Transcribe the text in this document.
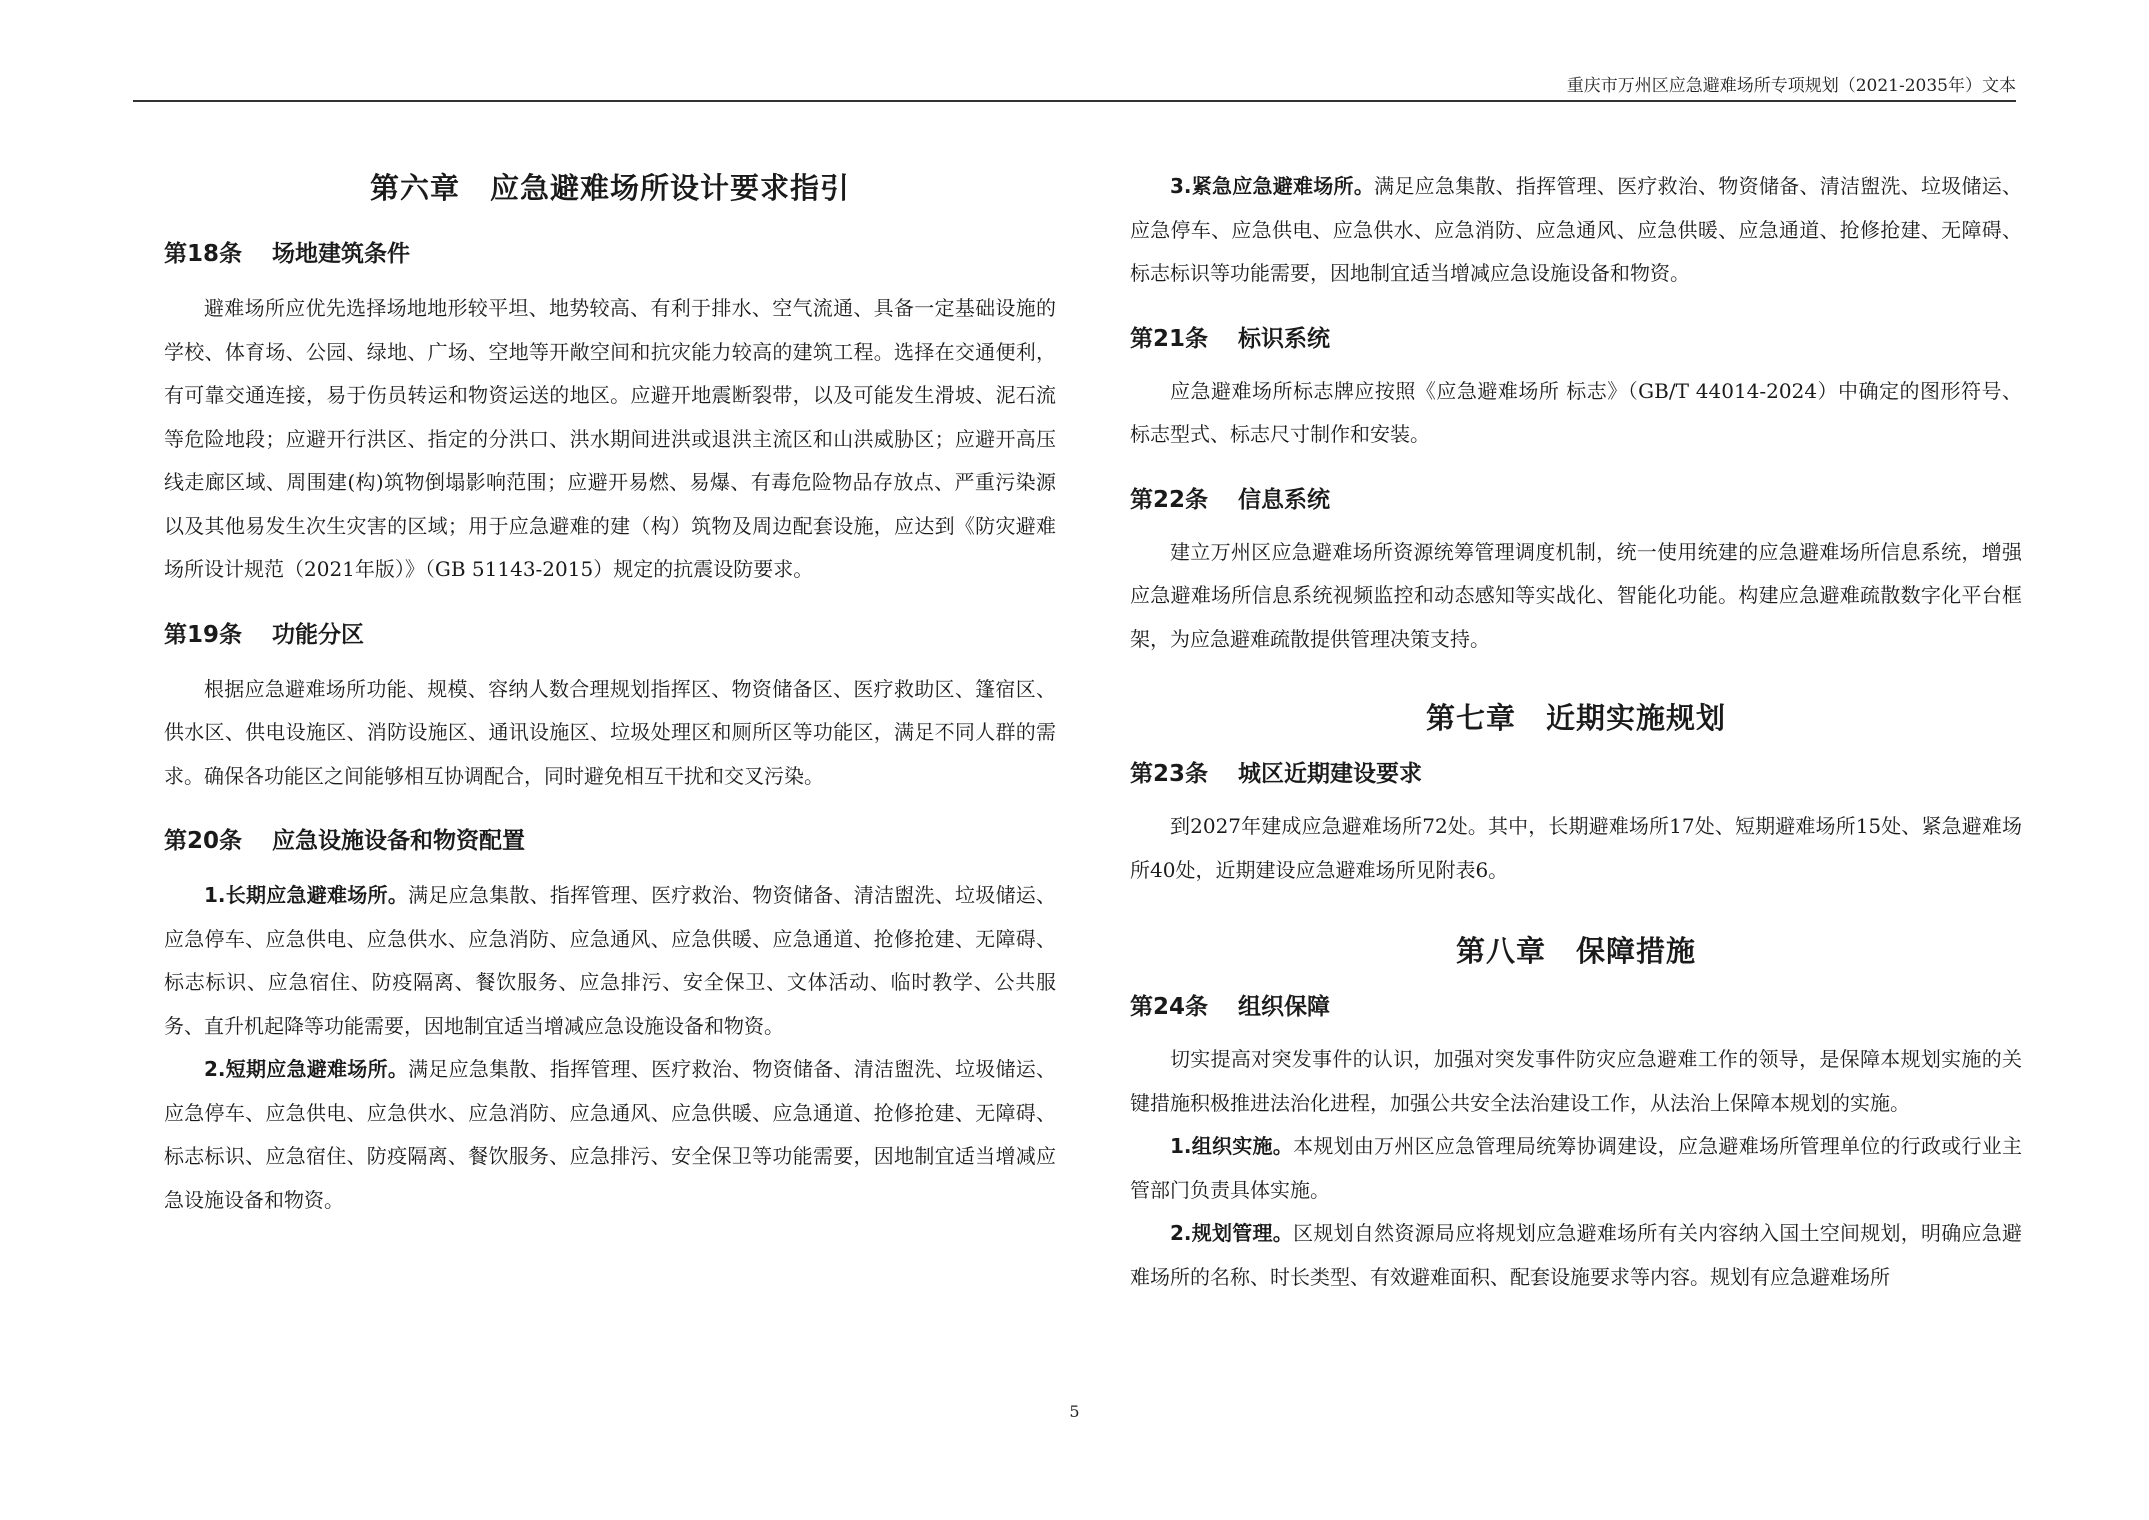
重庆市万州区应急避难场所专项规划（2021-2035年）文本
第六章　应急避难场所设计要求指引
第18条 场地建筑条件

避难场所应优先选择场地地形较平坦、地势较高、有利于排水、空气流通、具备一定基础设施的学校、体育场、公园、绿地、广场、空地等开敞空间和抗灾能力较高的建筑工程。选择在交通便利，有可靠交通连接，易于伤员转运和物资运送的地区。应避开地震断裂带，以及可能发生滑坡、泥石流等危险地段；应避开行洪区、指定的分洪口、洪水期间进洪或退洪主流区和山洪威胁区；应避开高压线走廊区域、周围建(构)筑物倒塌影响范围；应避开易燃、易爆、有毒危险物品存放点、严重污染源以及其他易发生次生灾害的区域；用于应急避难的建（构）筑物及周边配套设施，应达到《防灾避难场所设计规范（2021年版）》（GB 51143-2015）规定的抗震设防要求。

第19条 功能分区

根据应急避难场所功能、规模、容纳人数合理规划指挥区、物资储备区、医疗救助区、篷宿区、供水区、供电设施区、消防设施区、通讯设施区、垃圾处理区和厕所区等功能区，满足不同人群的需求。确保各功能区之间能够相互协调配合，同时避免相互干扰和交叉污染。

第20条 应急设施设备和物资配置

1.长期应急避难场所。满足应急集散、指挥管理、医疗救治、物资储备、清洁盥洗、垃圾储运、应急停车、应急供电、应急供水、应急消防、应急通风、应急供暖、应急通道、抢修抢建、无障碍、标志标识、应急宿住、防疫隔离、餐饮服务、应急排污、安全保卫、文体活动、临时教学、公共服务、直升机起降等功能需要，因地制宜适当增减应急设施设备和物资。

2.短期应急避难场所。满足应急集散、指挥管理、医疗救治、物资储备、清洁盥洗、垃圾储运、应急停车、应急供电、应急供水、应急消防、应急通风、应急供暖、应急通道、抢修抢建、无障碍、标志标识、应急宿住、防疫隔离、餐饮服务、应急排污、安全保卫等功能需要，因地制宜适当增减应急设施设备和物资。

3.紧急应急避难场所。满足应急集散、指挥管理、医疗救治、物资储备、清洁盥洗、垃圾储运、应急停车、应急供电、应急供水、应急消防、应急通风、应急供暖、应急通道、抢修抢建、无障碍、标志标识等功能需要，因地制宜适当增减应急设施设备和物资。

第21条 标识系统

应急避难场所标志牌应按照《应急避难场所 标志》（GB/T 44014-2024）中确定的图形符号、标志型式、标志尺寸制作和安装。

第22条 信息系统

建立万州区应急避难场所资源统筹管理调度机制，统一使用统建的应急避难场所信息系统，增强应急避难场所信息系统视频监控和动态感知等实战化、智能化功能。构建应急避难疏散数字化平台框架，为应急避难疏散提供管理决策支持。

第七章　近期实施规划
第23条 城区近期建设要求

到2027年建成应急避难场所72处。其中，长期避难场所17处、短期避难场所15处、紧急避难场所40处，近期建设应急避难场所见附表6。

第八章　保障措施
第24条 组织保障

切实提高对突发事件的认识，加强对突发事件防灾应急避难工作的领导，是保障本规划实施的关键措施积极推进法治化进程，加强公共安全法治建设工作，从法治上保障本规划的实施。

1.组织实施。本规划由万州区应急管理局统筹协调建设，应急避难场所管理单位的行政或行业主管部门负责具体实施。

2.规划管理。区规划自然资源局应将规划应急避难场所有关内容纳入国土空间规划，明确应急避难场所的名称、时长类型、有效避难面积、配套设施要求等内容。规划有应急避难场所

5
